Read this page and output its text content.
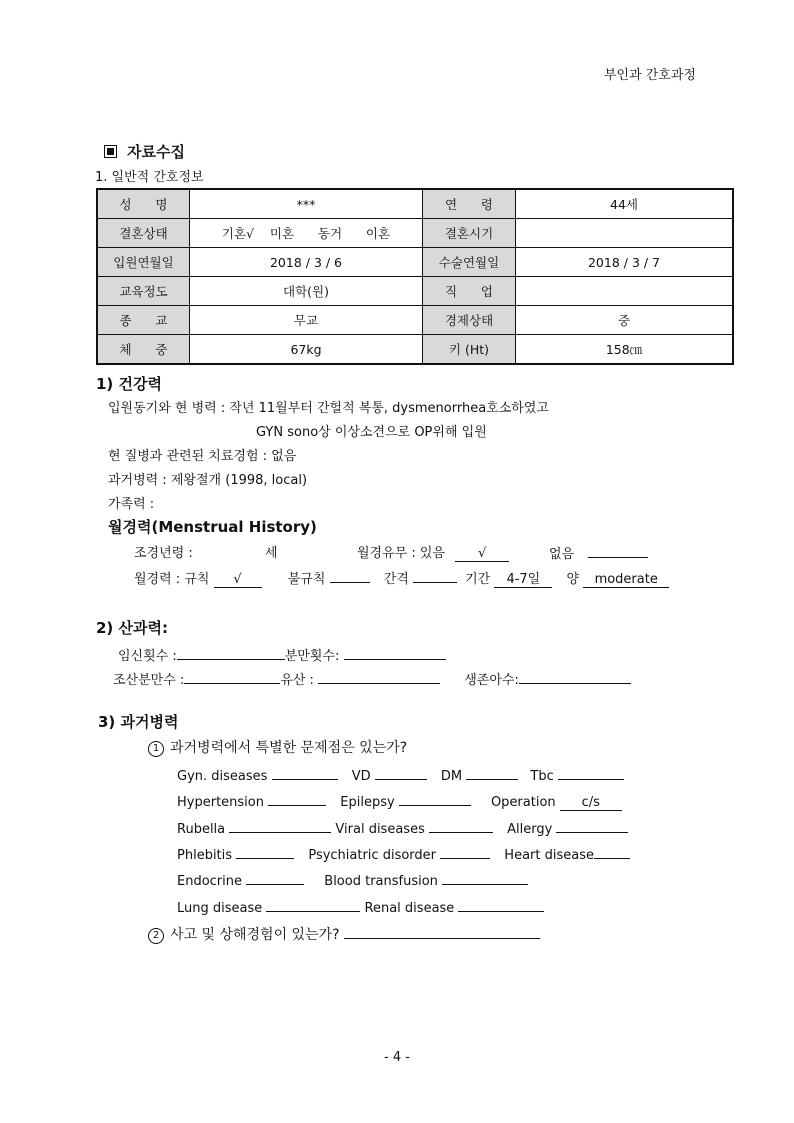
부인과 간호과정
자료수집
1. 일반적 간호정보
성      명	***	연      령	44세
결혼상태	기혼√    미혼      동거      이혼	결혼시기	
입원연월일	2018 / 3 / 6	수술연월일	2018 / 3 / 7
교육정도	대학(원)	직      업	
종      교	무교	경제상태	중
체      중	67kg	키 (Ht)	158㎝
1) 건강력
입원동기와 현 병력 : 작년 11월부터 간헐적 복통, dysmenorrhea호소하였고
GYN sono상 이상소견으로 OP위해 입원
현 질병과 관련된 치료경험 : 없음
과거병력 : 제왕절개 (1998, local)
가족력 :
월경력(Menstrual History)
조경년령 :	세	월경유무 : 있음	√	없음
월경력 : 규칙 √	불규칙	간격	기간 4-7일 양 moderate
2) 산과력:
임신횟수 :	분만횟수:
조산분만수 :	유산 :	생존아수:
3) 과거병력
1 과거병력에서 특별한 문제점은 있는가?
Gyn. diseases	VD	DM	Tbc
Hypertension	Epilepsy	Operation c/s
Rubella	Viral diseases	Allergy
Phlebitis	Psychiatric disorder	Heart disease
Endocrine	Blood transfusion
Lung disease	Renal disease
2 사고 및 상해경험이 있는가?
- 4 -
